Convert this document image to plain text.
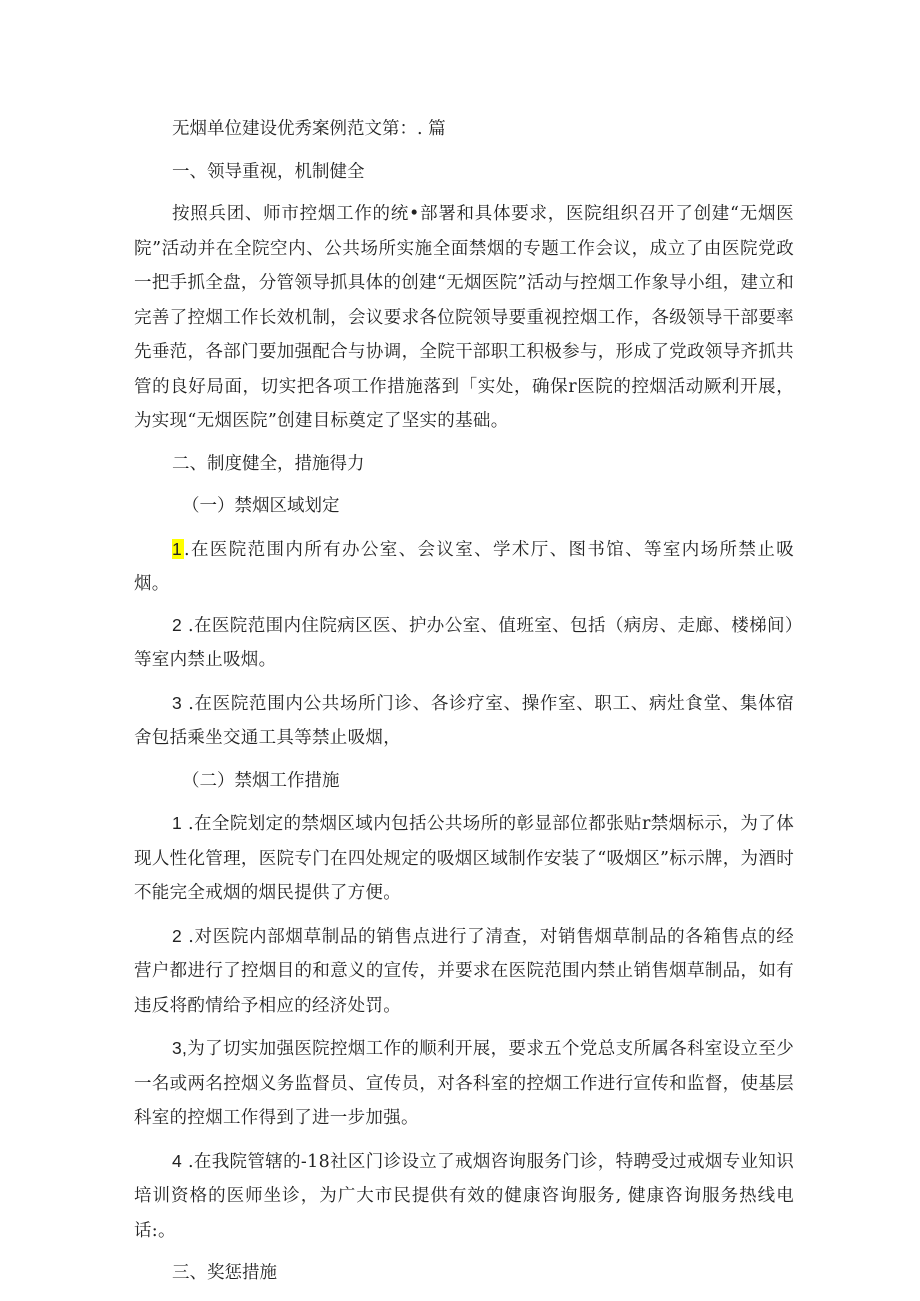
无烟单位建设优秀案例范文第：. 篇

一、领导重视，机制健全

按照兵团、师市控烟工作的统•部署和具体要求，医院组织召开了创建“无烟医院”活动并在全院空内、公共场所实施全面禁烟的专题工作会议，成立了由医院党政一把手抓全盘，分管领导抓具体的创建“无烟医院”活动与控烟工作象导小组，建立和完善了控烟工作长效机制，会议要求各位院领导要重视控烟工作，各级领导干部要率先垂范，各部门要加强配合与协调，全院干部职工积极参与，形成了党政领导齐抓共管的良好局面，切实把各项工作措施落到「实处，确保r医院的控烟活动厥利开展，为实现“无烟医院”创建目标奠定了坚实的基础。

二、制度健全，措施得力

（一）禁烟区域划定

1 .在医院范围内所有办公室、会议室、学术厅、图书馆、等室内场所禁止吸烟。

2 .在医院范围内住院病区医、护办公室、值班室、包括（病房、走廊、楼梯间）等室内禁止吸烟。

3 .在医院范围内公共场所门诊、各诊疗室、操作室、职工、病灶食堂、集体宿舍包括乘坐交通工具等禁止吸烟，

（二）禁烟工作措施

1 .在全院划定的禁烟区域内包括公共场所的彰显部位都张贴r禁烟标示，为了体现人性化管理，医院专门在四处规定的吸烟区域制作安装了“吸烟区”标示牌，为酒时不能完全戒烟的烟民提供了方便。

2 .对医院内部烟草制品的销售点进行了清查，对销售烟草制品的各箱售点的经营户都进行了控烟目的和意义的宣传，并要求在医院范围内禁止销售烟草制品，如有违反将酌情给予相应的经济处罚。

3,为了切实加强医院控烟工作的顺利开展，要求五个党总支所属各科室设立至少一名或两名控烟义务监督员、宣传员，对各科室的控烟工作进行宣传和监督，使基层科室的控烟工作得到了进一步加强。

4 .在我院管辖的-18社区门诊设立了戒烟咨询服务门诊，特聘受过戒烟专业知识培训资格的医师坐诊，为广大市民提供有效的健康咨询服务, 健康咨询服务热线电话:。

三、奖惩措施
